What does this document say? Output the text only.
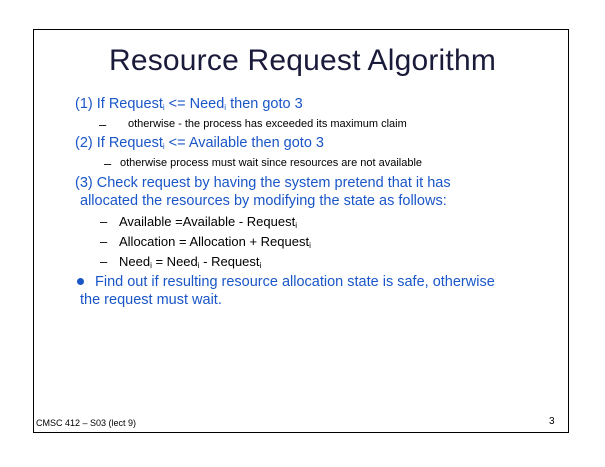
Resource Request Algorithm
(1) If Request$_i$ <= Need$_i$ then goto 3
– otherwise - the process has exceeded its maximum claim
(2) If Request$_i$ <= Available then goto 3
– otherwise process must wait since resources are not available
(3) Check request by having the system pretend that it has
allocated the resources by modifying the state as follows:
– Available =Available - Request$_i$
– Allocation = Allocation + Request$_i$
– Need$_i$ = Need$_i$ - Request$_i$
Find out if resulting resource allocation state is safe, otherwise
the request must wait.
CMSC 412 – S03 (lect 9)	3
